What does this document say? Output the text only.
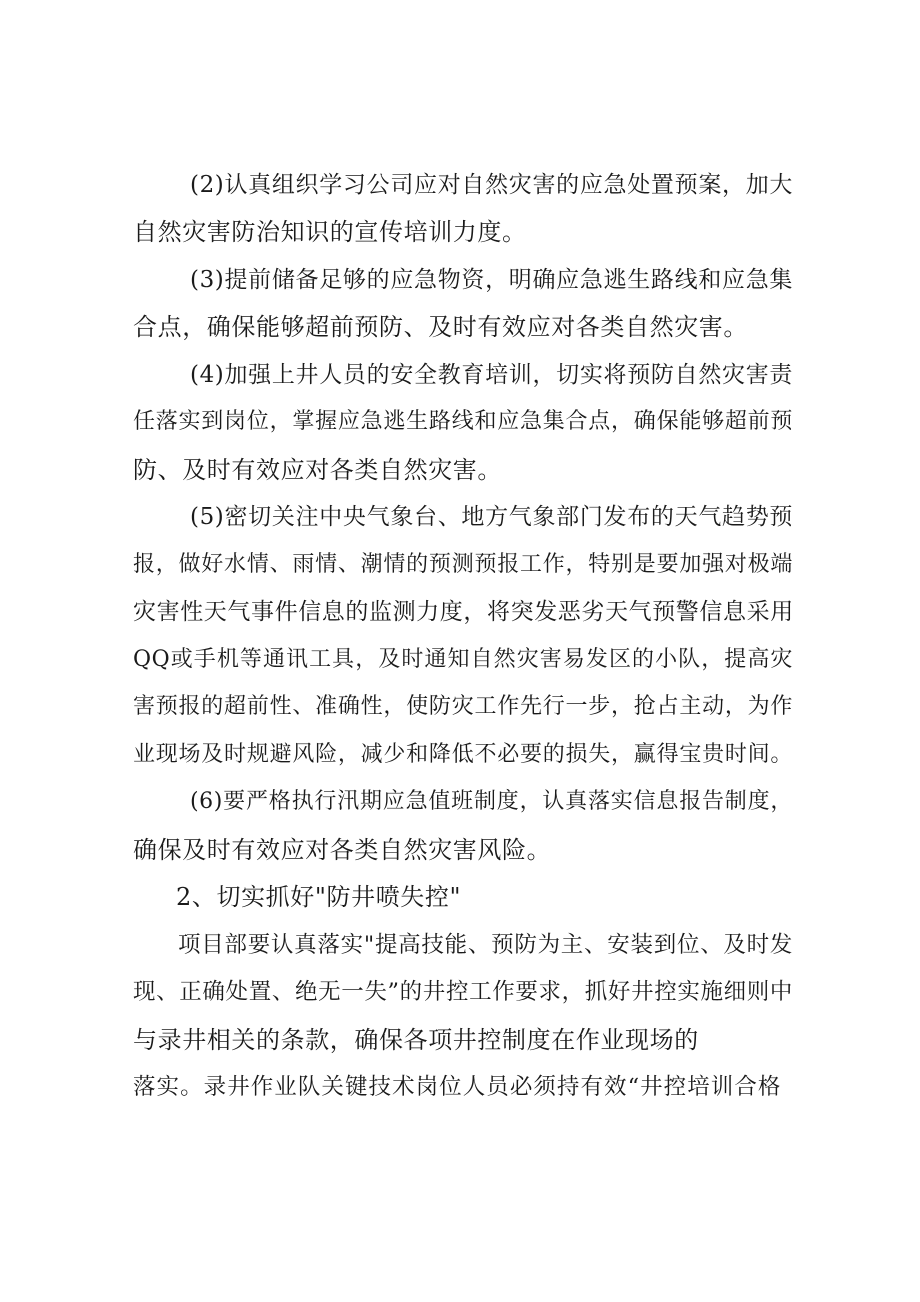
(2)认真组织学习公司应对自然灾害的应急处置预案，加大
自然灾害防治知识的宣传培训力度。
(3)提前储备足够的应急物资，明确应急逃生路线和应急集
合点，确保能够超前预防、及时有效应对各类自然灾害。
(4)加强上井人员的安全教育培训，切实将预防自然灾害责
任落实到岗位，掌握应急逃生路线和应急集合点，确保能够超前预
防、及时有效应对各类自然灾害。
(5)密切关注中央气象台、地方气象部门发布的天气趋势预
报，做好水情、雨情、潮情的预测预报工作，特别是要加强对极端
灾害性天气事件信息的监测力度，将突发恶劣天气预警信息采用
QQ或手机等通讯工具，及时通知自然灾害易发区的小队，提高灾
害预报的超前性、准确性，使防灾工作先行一步，抢占主动，为作
业现场及时规避风险，减少和降低不必要的损失，赢得宝贵时间。
(6)要严格执行汛期应急值班制度，认真落实信息报告制度，
确保及时有效应对各类自然灾害风险。
2、切实抓好"防井喷失控"
项目部要认真落实"提高技能、预防为主、安装到位、及时发
现、正确处置、绝无一失”的井控工作要求，抓好井控实施细则中
与录井相关的条款，确保各项井控制度在作业现场的
落实。录井作业队关键技术岗位人员必须持有效“井控培训合格
